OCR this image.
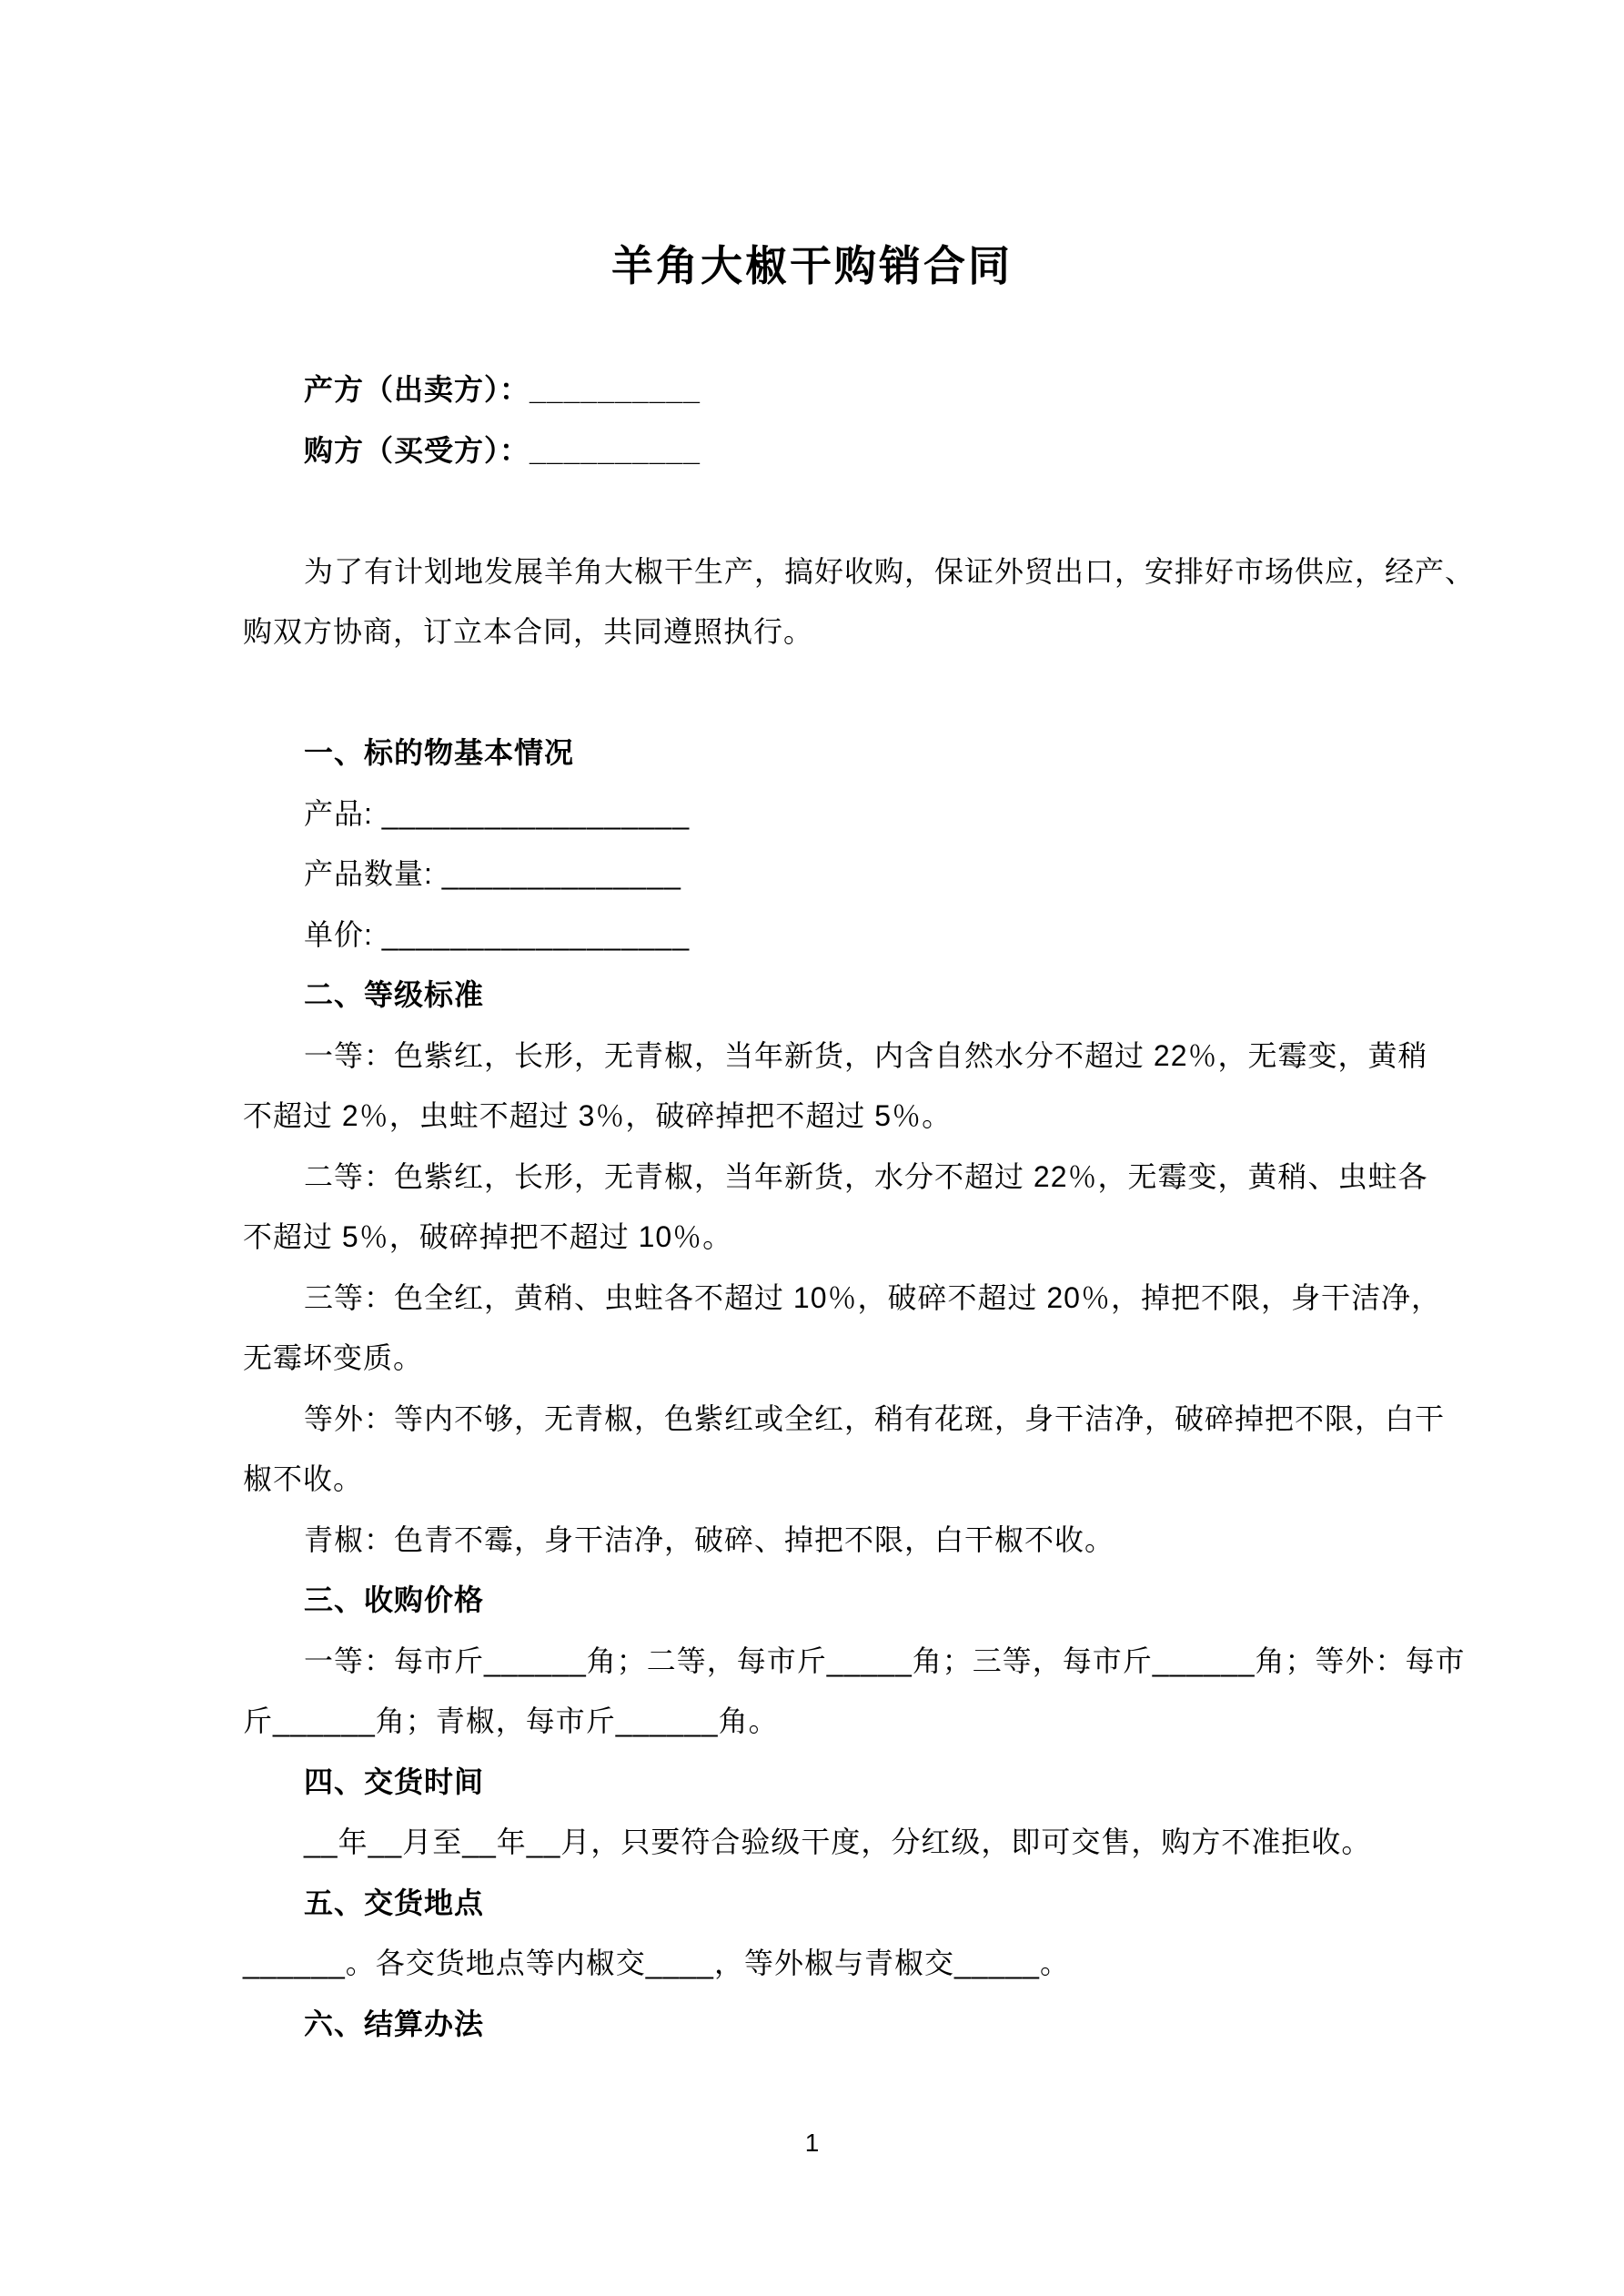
羊角大椒干购销合同
产方（出卖方）：__________
购方（买受方）：__________
为了有计划地发展羊角大椒干生产，搞好收购，保证外贸出口，安排好市场供应，经产、
购双方协商，订立本合同，共同遵照执行。
一、标的物基本情况
产品: __________________
产品数量: ______________
单价: __________________
二、等级标准
一等：色紫红，长形，无青椒，当年新货，内含自然水分不超过 22％，无霉变，黄稍
不超过 2％，虫蛀不超过 3％，破碎掉把不超过 5％。
二等：色紫红，长形，无青椒，当年新货，水分不超过 22％，无霉变，黄稍、虫蛀各
不超过 5％，破碎掉把不超过 10％。
三等：色全红，黄稍、虫蛀各不超过 10％，破碎不超过 20％，掉把不限，身干洁净，
无霉坏变质。
等外：等内不够，无青椒，色紫红或全红，稍有花斑，身干洁净，破碎掉把不限，白干
椒不收。
青椒：色青不霉，身干洁净，破碎、掉把不限，白干椒不收。
三、收购价格
一等：每市斤______角；二等，每市斤_____角；三等，每市斤______角；等外：每市
斤______角；青椒，每市斤______角。
四、交货时间
__年__月至__年__月，只要符合验级干度，分红级，即可交售，购方不准拒收。
五、交货地点
______。各交货地点等内椒交____，等外椒与青椒交_____。
六、结算办法
1
